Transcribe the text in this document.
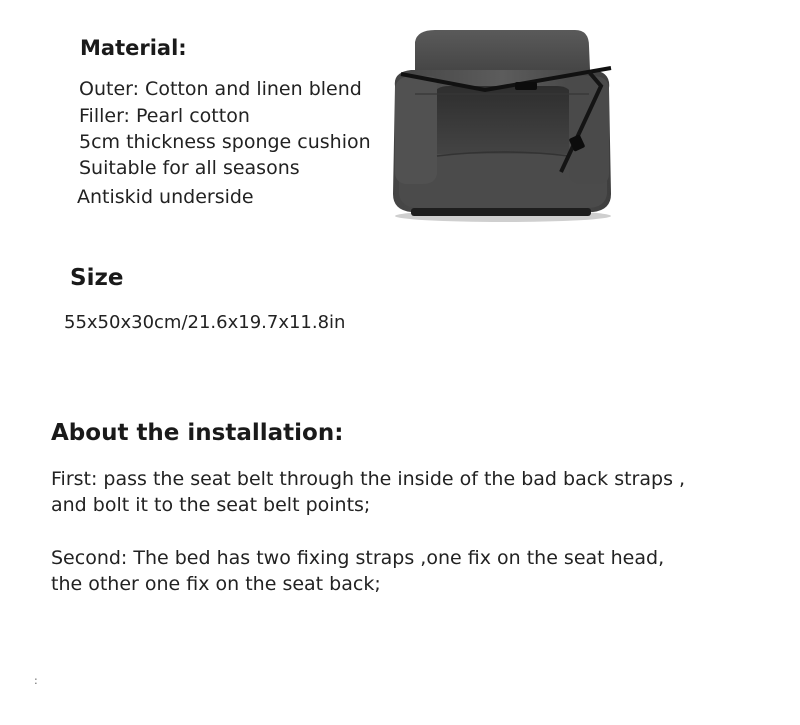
Material:
Outer: Cotton and linen blend
Filler: Pearl cotton
5cm thickness sponge cushion
Suitable for all seasons
Antiskid underside
Size
55x50x30cm/21.6x19.7x11.8in
About the installation:
First: pass the seat belt through the inside of the bad back straps ,
and bolt it to the seat belt points;
Second: The bed has two fixing straps ,one fix on the seat head,
the other one fix on the seat back;
:
